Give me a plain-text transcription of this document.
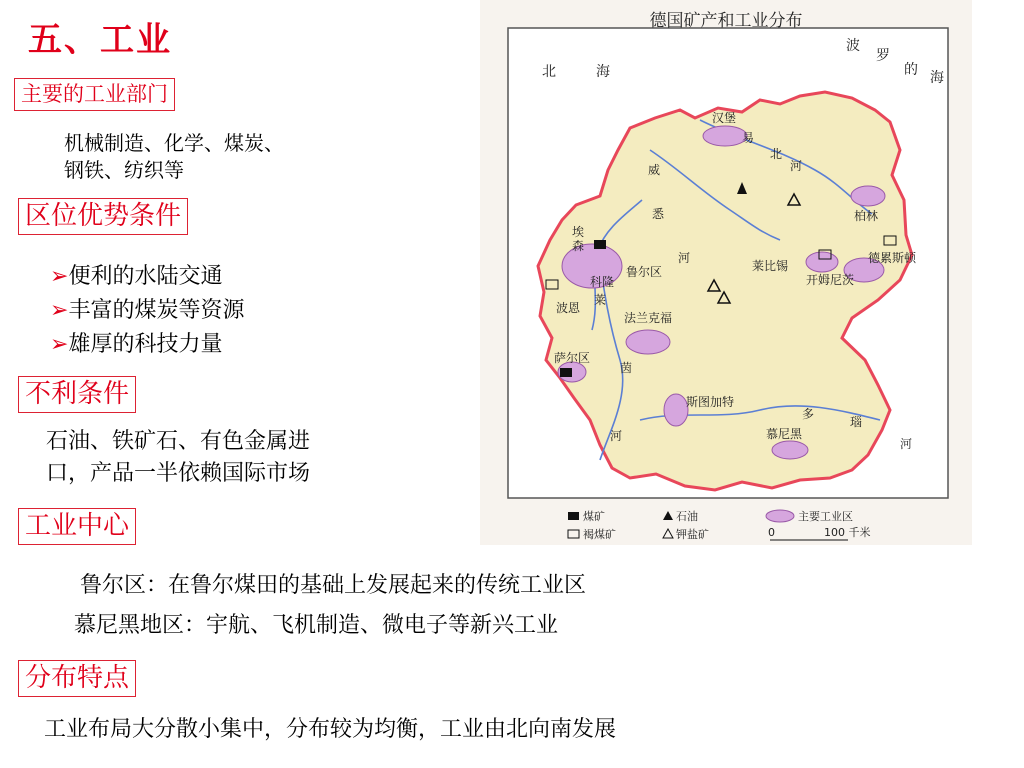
五、工业
主要的工业部门
机械制造、化学、煤炭、
钢铁、纺织等
区位优势条件
➢便利的水陆交通
➢丰富的煤炭等资源
➢雄厚的科技力量
不利条件
石油、铁矿石、有色金属进
口，产品一半依赖国际市场
工业中心
鲁尔区：在鲁尔煤田的基础上发展起来的传统工业区
慕尼黑地区：宇航、飞机制造、微电子等新兴工业
分布特点
工业布局大分散小集中，分布较为均衡，工业由北向南发展
北	海
波
罗
的 海
汉堡
易
北
河
威
悉
河
柏林
埃
森
鲁尔区
科隆
波恩
莱
茵
河
莱比锡
德累斯顿
开姆尼茨
法兰克福
萨尔区
斯图加特
慕尼黑
多
瑙
河
煤矿	石油	主要工业区
褐煤矿	钾盐矿	0	100 千米
德国矿产和工业分布
